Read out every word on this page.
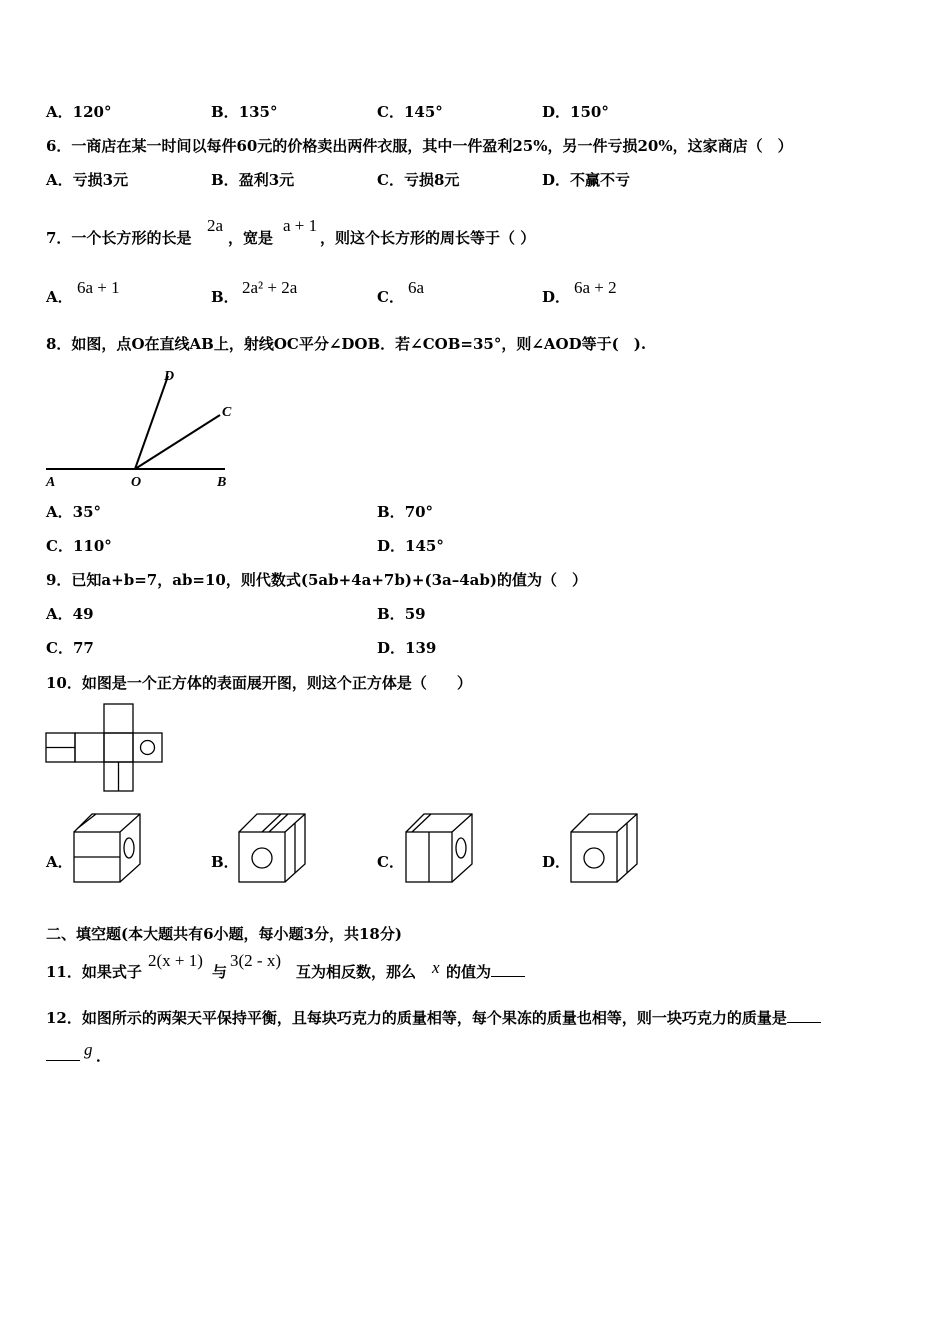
A．120°	B．135°	C．145°	D．150°
6．一商店在某一时间以每件60元的价格卖出两件衣服，其中一件盈利25%，另一件亏损20%，这家商店（　）
A．亏损3元	B．盈利3元	C．亏损8元	D．不赢不亏
7．一个长方形的长是
2a
，宽是
a + 1
，则这个长方形的周长等于（ ）
A． 6a + 1	B． 2a² + 2a	C． 6a	D． 6a + 2
8．如图，点O在直线AB上，射线OC平分∠DOB．若∠COB=35°，则∠AOD等于(　).
A	O	B
C
D
A．35°	B．70°
C．110°	D．145°
9．已知a+b=7，ab=10，则代数式(5ab+4a+7b)+(3a–4ab)的值为（　）
A．49	B．59
C．77	D．139
10．如图是一个正方体的表面展开图，则这个正方体是（　　）
A．	B．	C．	D．
二、填空题(本大题共有6小题，每小题3分，共18分)
11．如果式子
2(x + 1)
与
3(2 - x)
互为相反数，那么 x 的值为
12．如图所示的两架天平保持平衡，且每块巧克力的质量相等，每个果冻的质量也相等，则一块巧克力的质量是
g ．
